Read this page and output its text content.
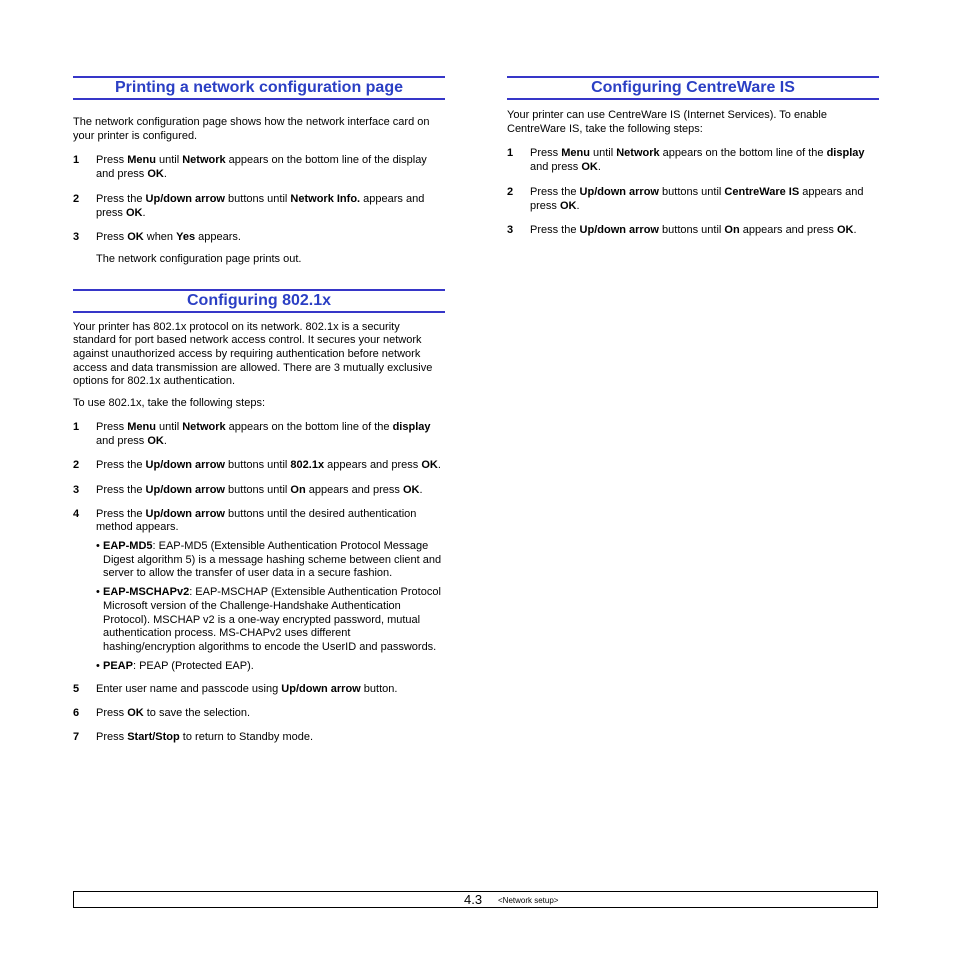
Printing a network configuration page

The network configuration page shows how the network interface card on your printer is configured.

1 Press Menu until Network appears on the bottom line of the display and press OK.
2 Press the Up/down arrow buttons until Network Info. appears and press OK.
3 Press OK when Yes appears.

The network configuration page prints out.

Configuring 802.1x

Your printer has 802.1x protocol on its network. 802.1x is a security standard for port based network access control. It secures your network against unauthorized access by requiring authentication before network access and data transmission are allowed. There are 3 mutually exclusive options for 802.1x authentication.

To use 802.1x, take the following steps:

1 Press Menu until Network appears on the bottom line of the display and press OK.
2 Press the Up/down arrow buttons until 802.1x appears and press OK.
3 Press the Up/down arrow buttons until On appears and press OK.
4 Press the Up/down arrow buttons until the desired authentication method appears.
• EAP-MD5: EAP-MD5 (Extensible Authentication Protocol Message Digest algorithm 5) is a message hashing scheme between client and server to allow the transfer of user data in a secure fashion.
• EAP-MSCHAPv2: EAP-MSCHAP (Extensible Authentication Protocol Microsoft version of the Challenge-Handshake Authentication Protocol). MSCHAP v2 is a one-way encrypted password, mutual authentication process. MS-CHAPv2 uses different hashing/encryption algorithms to encode the UserID and passwords.
• PEAP: PEAP (Protected EAP).
5 Enter user name and passcode using Up/down arrow button.
6 Press OK to save the selection.
7 Press Start/Stop to return to Standby mode.
Configuring CentreWare IS

Your printer can use CentreWare IS (Internet Services). To enable CentreWare IS, take the following steps:

1 Press Menu until Network appears on the bottom line of the display and press OK.
2 Press the Up/down arrow buttons until CentreWare IS appears and press OK.
3 Press the Up/down arrow buttons until On appears and press OK.
4.3 <Network setup>
